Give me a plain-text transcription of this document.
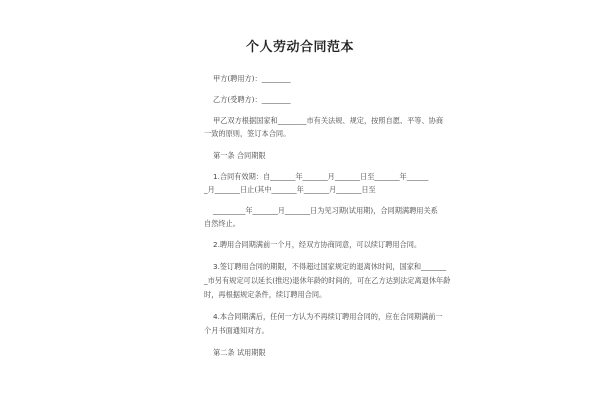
个人劳动合同范本
甲方(聘用方)：________
乙方(受聘方)：________
甲乙双方根据国家和________市有关法规、规定，按照自愿、平等、协商
一致的原则，签订本合同。
第一条 合同期限
1.合同有效期：自_______年_______月_______日至_______年______
_月_______日止(其中_______年_______月_______日至
_________年_______月_______日为见习期(试用期)，合同期满聘用关系
自然终止。
2.聘用合同期满前一个月，经双方协商同意，可以续订聘用合同。
3.签订聘用合同的期限，不得超过国家规定的退离休时间，国家和_______
_市另有规定可以延长(推迟)退休年龄的时间的，可在乙方达到法定离退休年龄
时，再根据规定条件，续订聘用合同。
4.本合同期满后，任何一方认为不再续订聘用合同的，应在合同期满前一
个月书面通知对方。
第二条 试用期限
